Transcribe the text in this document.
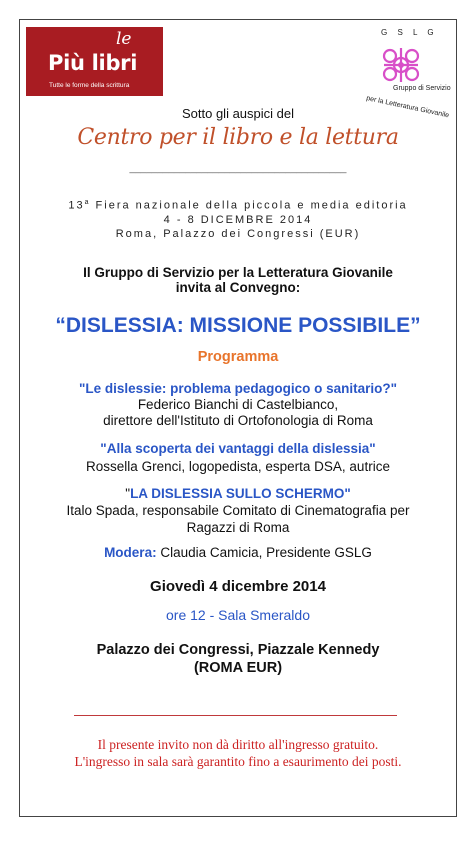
le
Più libri
Tutte le forme della scrittura
G S L G
Gruppo di Servizio
per la Letteratura Giovanile
Sotto gli auspici del
Centro per il libro e la lettura
_______________________________________
13$^a$ Fiera nazionale della piccola e media editoria
4 - 8 DICEMBRE 2014
Roma, Palazzo dei Congressi (EUR)
Il Gruppo di Servizio per la Letteratura Giovanile
invita al Convegno:
“DISLESSIA: MISSIONE POSSIBILE”
Programma
"Le dislessie: problema pedagogico o sanitario?"
Federico Bianchi di Castelbianco,
direttore dell'Istituto di Ortofonologia di Roma
"Alla scoperta dei vantaggi della dislessia"
Rossella Grenci, logopedista, esperta DSA, autrice
"LA DISLESSIA SULLO SCHERMO"
Italo Spada, responsabile Comitato di Cinematografia per
Ragazzi di Roma
Modera: Claudia Camicia, Presidente GSLG
Giovedì 4 dicembre 2014
ore 12 - Sala Smeraldo
Palazzo dei Congressi, Piazzale Kennedy
(ROMA EUR)
Il presente invito non dà diritto all'ingresso gratuito.
L'ingresso in sala sarà garantito fino a esaurimento dei posti.
